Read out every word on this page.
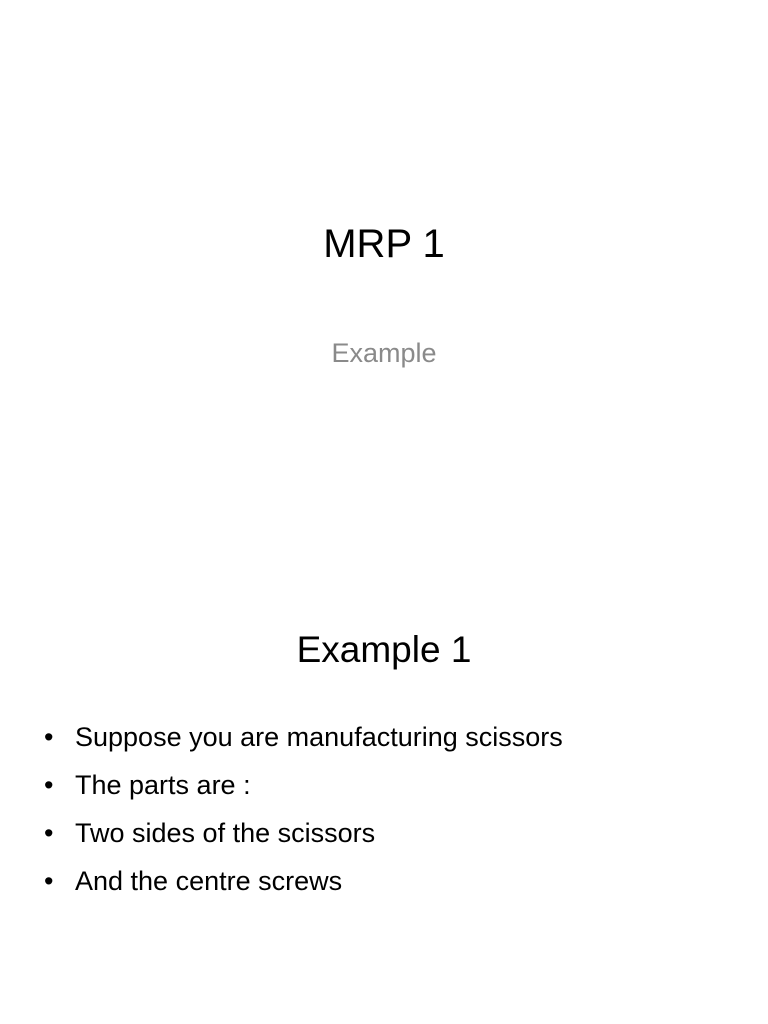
MRP 1
Example
Example 1
• Suppose you are manufacturing scissors
• The parts are :
• Two sides of the scissors
• And the centre screws
